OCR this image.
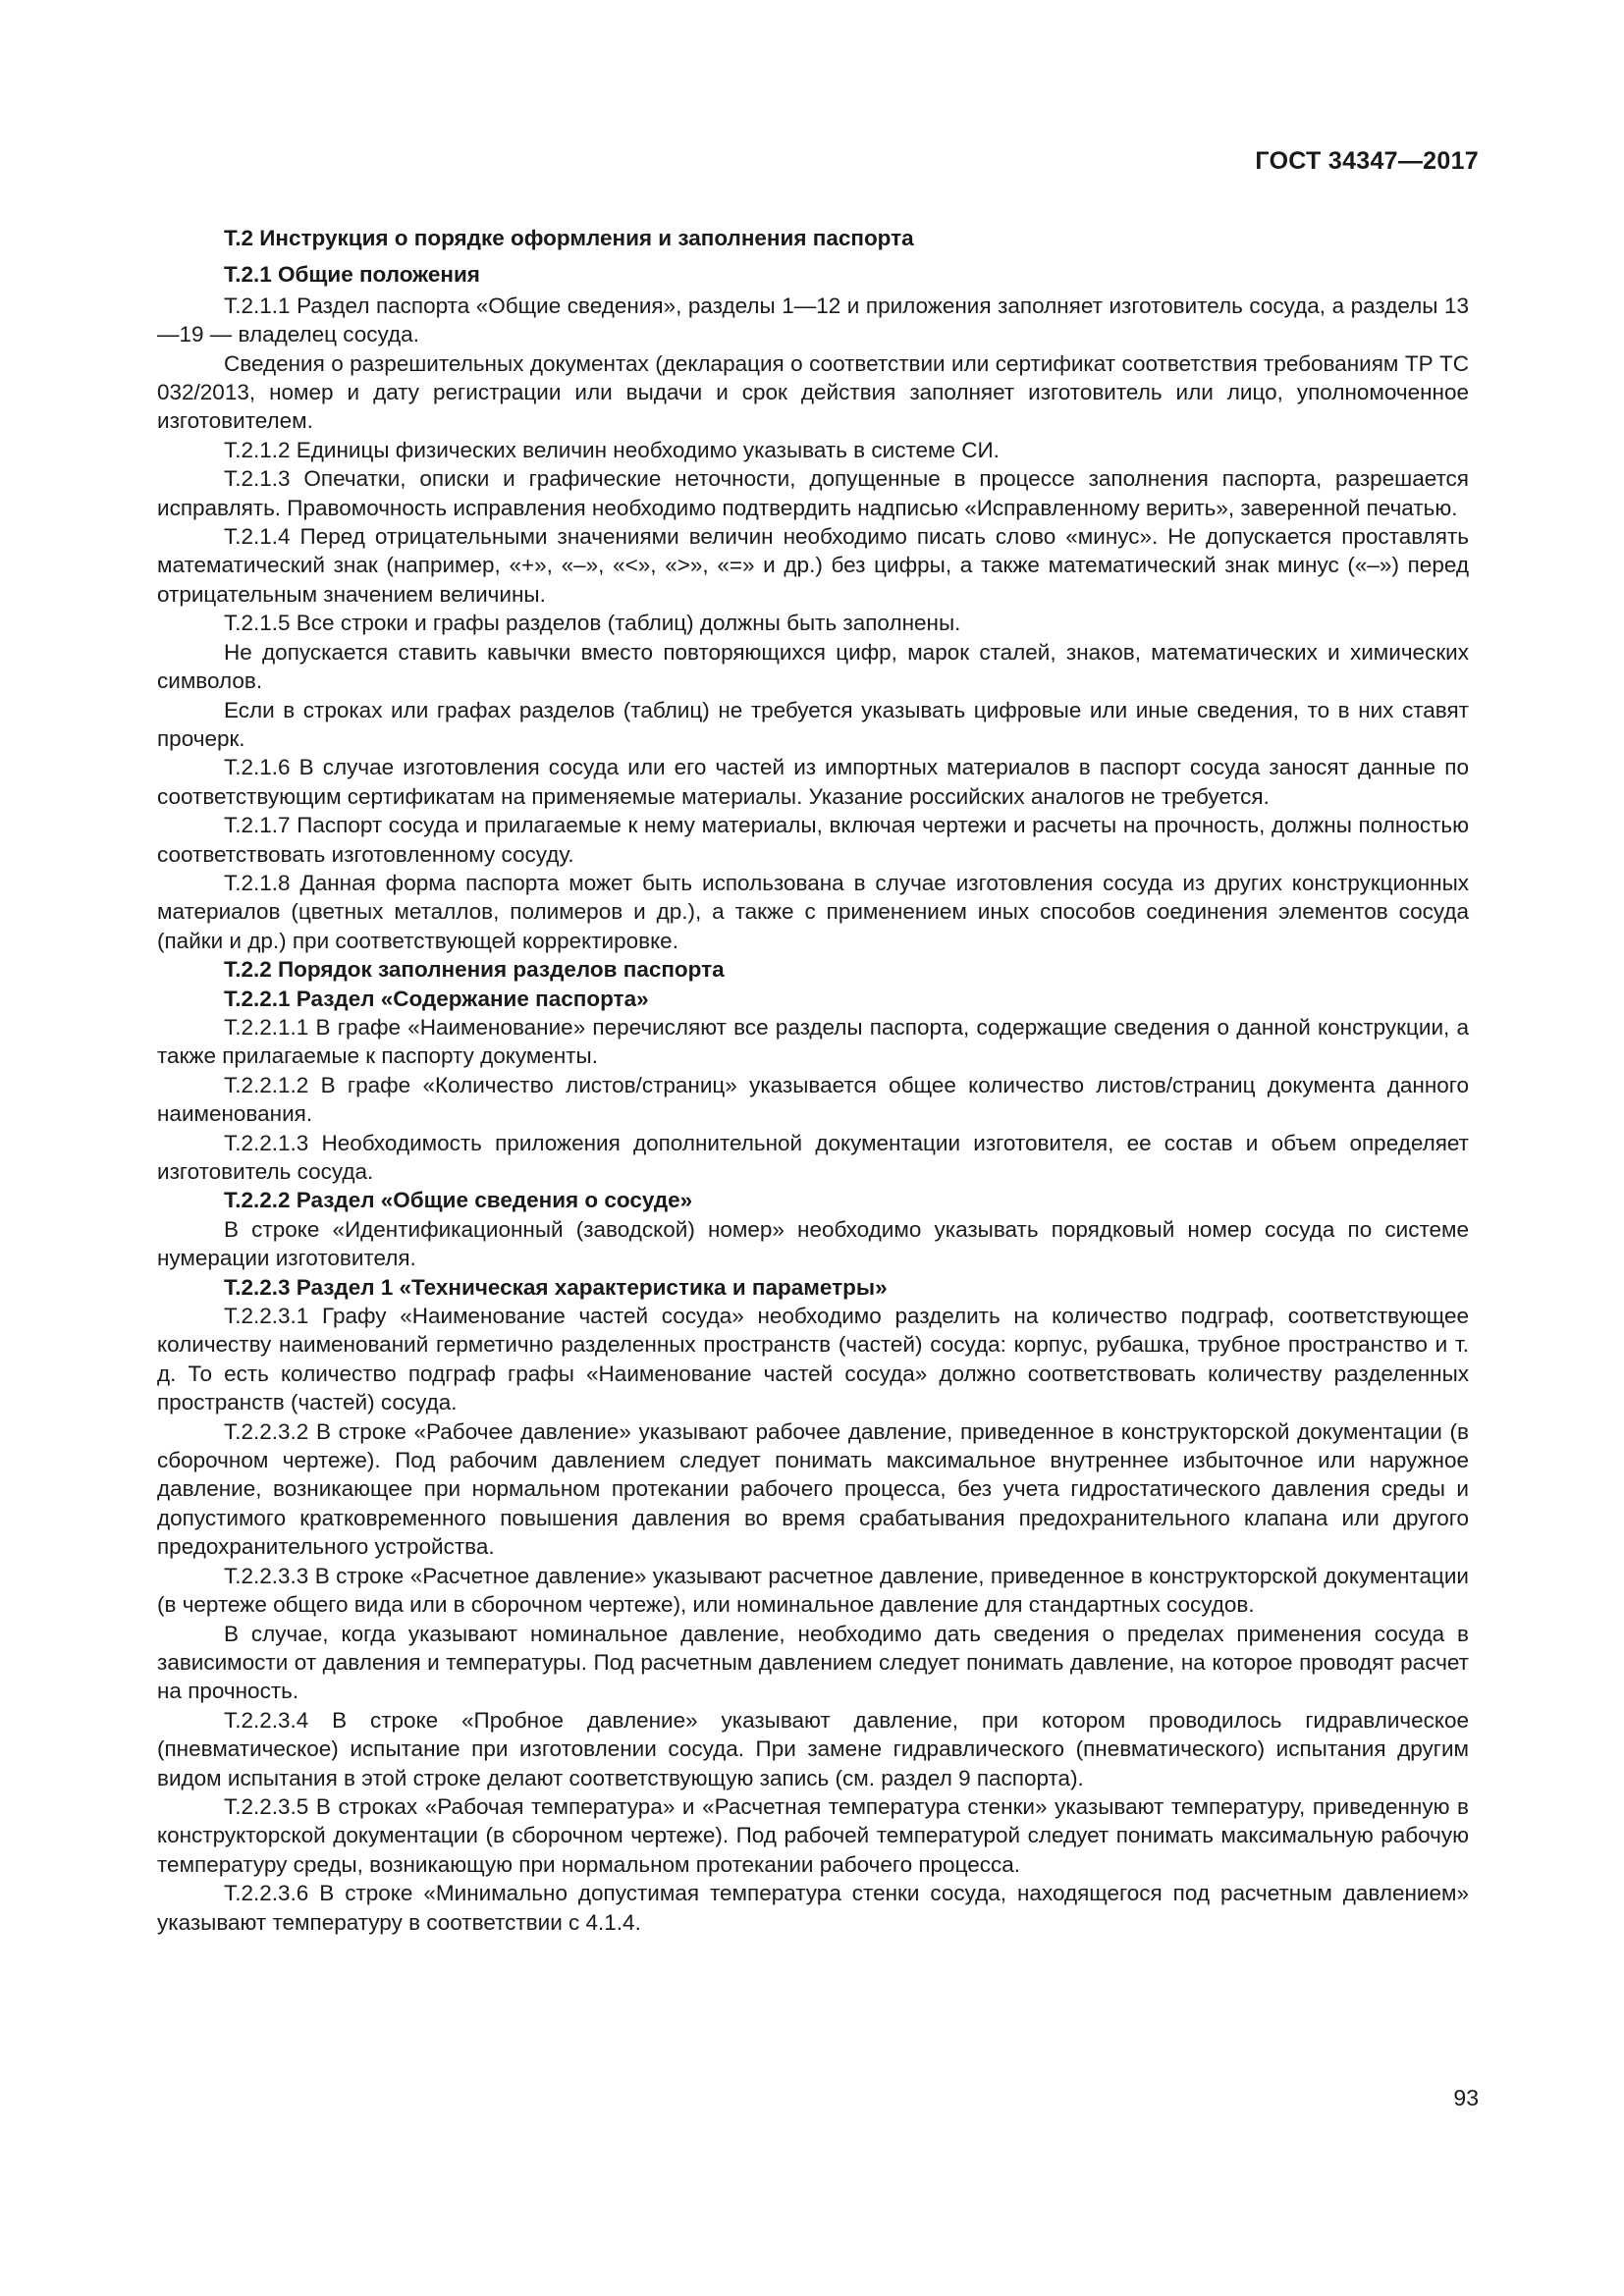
ГОСТ 34347—2017

Т.2 Инструкция о порядке оформления и заполнения паспорта

Т.2.1 Общие положения

Т.2.1.1 Раздел паспорта «Общие сведения», разделы 1—12 и приложения заполняет изготовитель сосуда, а разделы 13—19 — владелец сосуда.

Сведения о разрешительных документах (декларация о соответствии или сертификат соответствия требованиям ТР ТС 032/2013, номер и дату регистрации или выдачи и срок действия заполняет изготовитель или лицо, уполномоченное изготовителем.

Т.2.1.2 Единицы физических величин необходимо указывать в системе СИ.

Т.2.1.3 Опечатки, описки и графические неточности, допущенные в процессе заполнения паспорта, разрешается исправлять. Правомочность исправления необходимо подтвердить надписью «Исправленному верить», заверенной печатью.

Т.2.1.4 Перед отрицательными значениями величин необходимо писать слово «минус». Не допускается проставлять математический знак (например, «+», «–», «<», «>», «=» и др.) без цифры, а также математический знак минус («–») перед отрицательным значением величины.

Т.2.1.5 Все строки и графы разделов (таблиц) должны быть заполнены.

Не допускается ставить кавычки вместо повторяющихся цифр, марок сталей, знаков, математических и химических символов.

Если в строках или графах разделов (таблиц) не требуется указывать цифровые или иные сведения, то в них ставят прочерк.

Т.2.1.6 В случае изготовления сосуда или его частей из импортных материалов в паспорт сосуда заносят данные по соответствующим сертификатам на применяемые материалы. Указание российских аналогов не требуется.

Т.2.1.7 Паспорт сосуда и прилагаемые к нему материалы, включая чертежи и расчеты на прочность, должны полностью соответствовать изготовленному сосуду.

Т.2.1.8 Данная форма паспорта может быть использована в случае изготовления сосуда из других конструкционных материалов (цветных металлов, полимеров и др.), а также с применением иных способов соединения элементов сосуда (пайки и др.) при соответствующей корректировке.

Т.2.2 Порядок заполнения разделов паспорта

Т.2.2.1 Раздел «Содержание паспорта»

Т.2.2.1.1 В графе «Наименование» перечисляют все разделы паспорта, содержащие сведения о данной конструкции, а также прилагаемые к паспорту документы.

Т.2.2.1.2 В графе «Количество листов/страниц» указывается общее количество листов/страниц документа данного наименования.

Т.2.2.1.3 Необходимость приложения дополнительной документации изготовителя, ее состав и объем определяет изготовитель сосуда.

Т.2.2.2 Раздел «Общие сведения о сосуде»

В строке «Идентификационный (заводской) номер» необходимо указывать порядковый номер сосуда по системе нумерации изготовителя.

Т.2.2.3 Раздел 1 «Техническая характеристика и параметры»

Т.2.2.3.1 Графу «Наименование частей сосуда» необходимо разделить на количество подграф, соответствующее количеству наименований герметично разделенных пространств (частей) сосуда: корпус, рубашка, трубное пространство и т. д. То есть количество подграф графы «Наименование частей сосуда» должно соответствовать количеству разделенных пространств (частей) сосуда.

Т.2.2.3.2 В строке «Рабочее давление» указывают рабочее давление, приведенное в конструкторской документации (в сборочном чертеже). Под рабочим давлением следует понимать максимальное внутреннее избыточное или наружное давление, возникающее при нормальном протекании рабочего процесса, без учета гидростатического давления среды и допустимого кратковременного повышения давления во время срабатывания предохранительного клапана или другого предохранительного устройства.

Т.2.2.3.3 В строке «Расчетное давление» указывают расчетное давление, приведенное в конструкторской документации (в чертеже общего вида или в сборочном чертеже), или номинальное давление для стандартных сосудов.

В случае, когда указывают номинальное давление, необходимо дать сведения о пределах применения сосуда в зависимости от давления и температуры. Под расчетным давлением следует понимать давление, на которое проводят расчет на прочность.

Т.2.2.3.4 В строке «Пробное давление» указывают давление, при котором проводилось гидравлическое (пневматическое) испытание при изготовлении сосуда. При замене гидравлического (пневматического) испытания другим видом испытания в этой строке делают соответствующую запись (см. раздел 9 паспорта).

Т.2.2.3.5 В строках «Рабочая температура» и «Расчетная температура стенки» указывают температуру, приведенную в конструкторской документации (в сборочном чертеже). Под рабочей температурой следует понимать максимальную рабочую температуру среды, возникающую при нормальном протекании рабочего процесса.

Т.2.2.3.6 В строке «Минимально допустимая температура стенки сосуда, находящегося под расчетным давлением» указывают температуру в соответствии с 4.1.4.

93
